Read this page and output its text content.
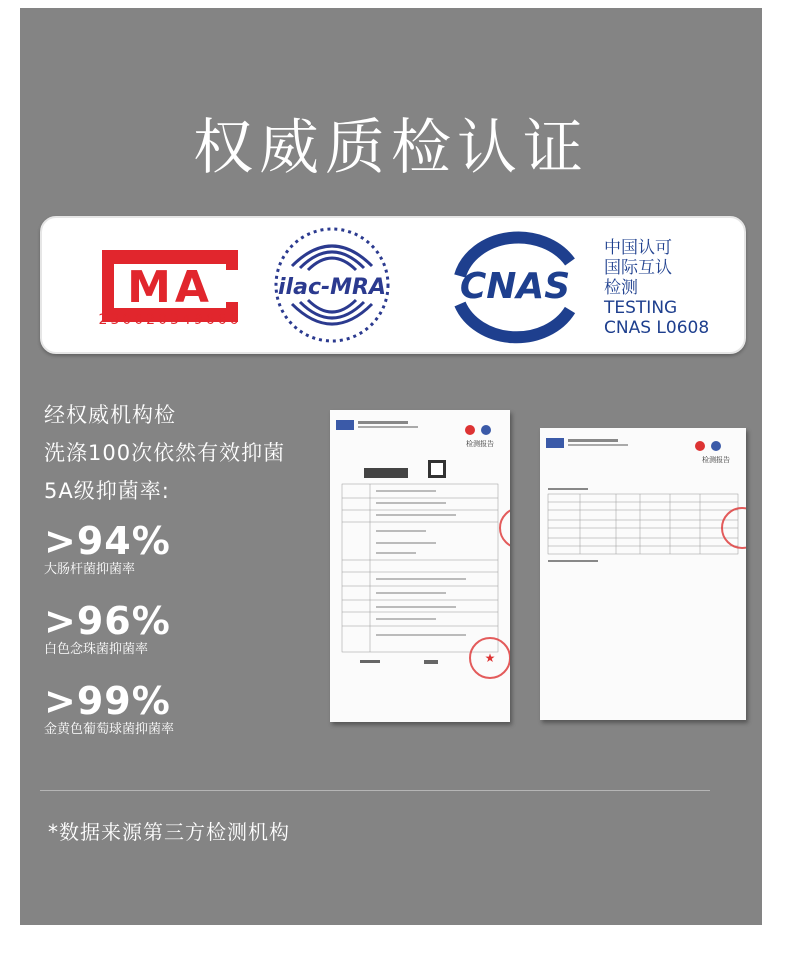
权威质检认证
MA
230020349666
ilac-MRA CNAS
中国认可
国际互认
检测
TESTING
CNAS L0608
经权威机构检
洗涤100次依然有效抑菌
5A级抑菌率:
>94%
大肠杆菌抑菌率
>96%
白色念珠菌抑菌率
>99%
金黄色葡萄球菌抑菌率
检测报告
★
检测报告
*数据来源第三方检测机构
